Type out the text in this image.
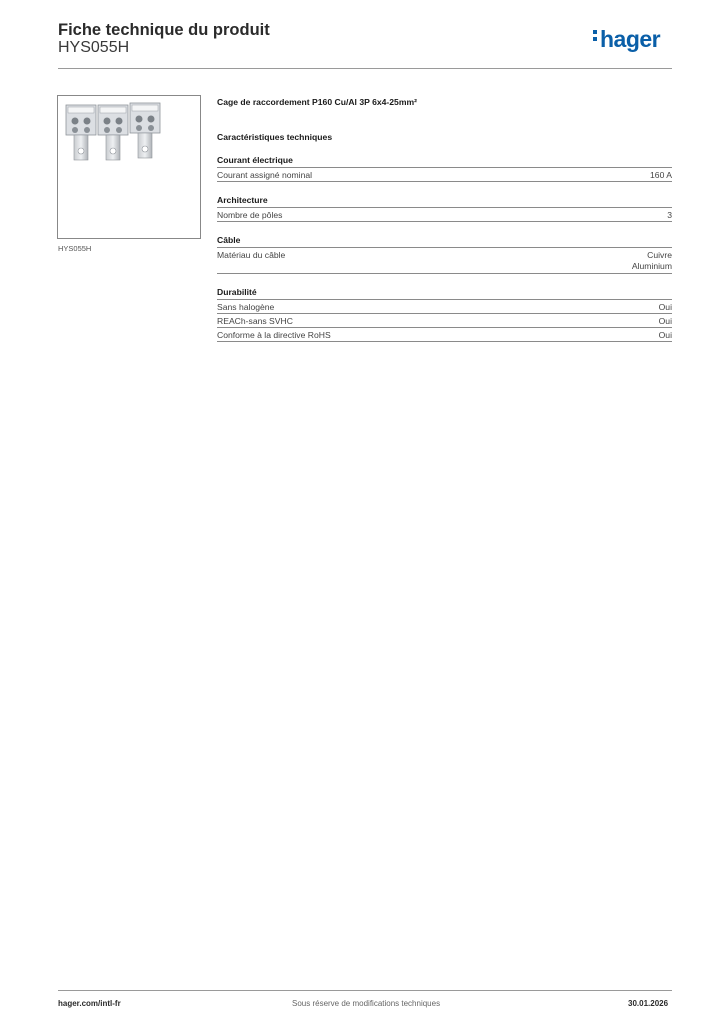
Fiche technique du produit
HYS055H	hager
HYS055H
Cage de raccordement P160 Cu/Al 3P 6x4-25mm²
Caractéristiques techniques
Courant électrique
Courant assigné nominal	160 A
Architecture
Nombre de pôles	3
Câble
Matériau du câble	Cuivre
Aluminium
Durabilité
Sans halogène	Oui
REACh-sans SVHC	Oui
Conforme à la directive RoHS	Oui
hager.com/intl-fr	Sous réserve de modifications techniques	30.01.2026
